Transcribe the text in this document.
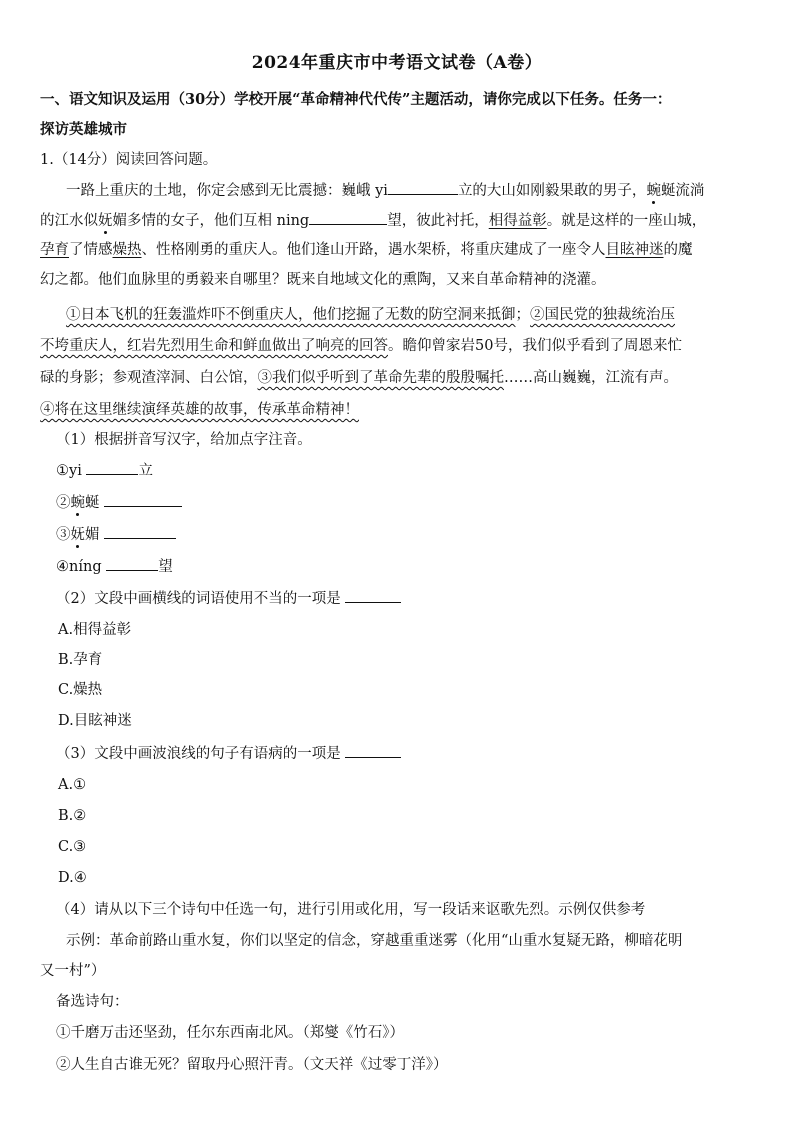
2024年重庆市中考语文试卷（A卷）
一、语文知识及运用（30分）学校开展“革命精神代代传”主题活动，请你完成以下任务。任务一：
探访英雄城市
1.（14分）阅读回答问题。
一路上重庆的土地，你定会感到无比震撼：巍峨 yi	立的大山如刚毅果敢的男子，蜿蜒流淌
的江水似妩媚多情的女子，他们互相 ning	望，彼此衬托，相得益彰。就是这样的一座山城，
孕育了情感燥热、性格刚勇的重庆人。他们逢山开路，遇水架桥，将重庆建成了一座令人目眩神迷的魔
幻之都。他们血脉里的勇毅来自哪里？既来自地域文化的熏陶，又来自革命精神的浇灌。
①日本飞机的狂轰滥炸吓不倒重庆人，他们挖掘了无数的防空洞来抵御；②国民党的独裁统治压
不垮重庆人，红岩先烈用生命和鲜血做出了响亮的回答。瞻仰曾家岩50号，我们似乎看到了周恩来忙
碌的身影；参观渣滓洞、白公馆，③我们似乎听到了革命先辈的殷殷嘱托……高山巍巍，江流有声。
④将在这里继续演绎英雄的故事，传承革命精神！
（1）根据拼音写汉字，给加点字注音。
①yi	立
②蜿蜒
③妩媚
④níng	望
（2）文段中画横线的词语使用不当的一项是
A.相得益彰
B.孕育
C.燥热
D.目眩神迷
（3）文段中画波浪线的句子有语病的一项是
A.①
B.②
C.③
D.④
（4）请从以下三个诗句中任选一句，进行引用或化用，写一段话来讴歌先烈。示例仅供参考
示例：革命前路山重水复，你们以坚定的信念，穿越重重迷雾（化用“山重水复疑无路，柳暗花明
又一村”）
备选诗句：
①千磨万击还坚劲，任尔东西南北风。（郑燮《竹石》）
②人生自古谁无死？留取丹心照汗青。（文天祥《过零丁洋》）
